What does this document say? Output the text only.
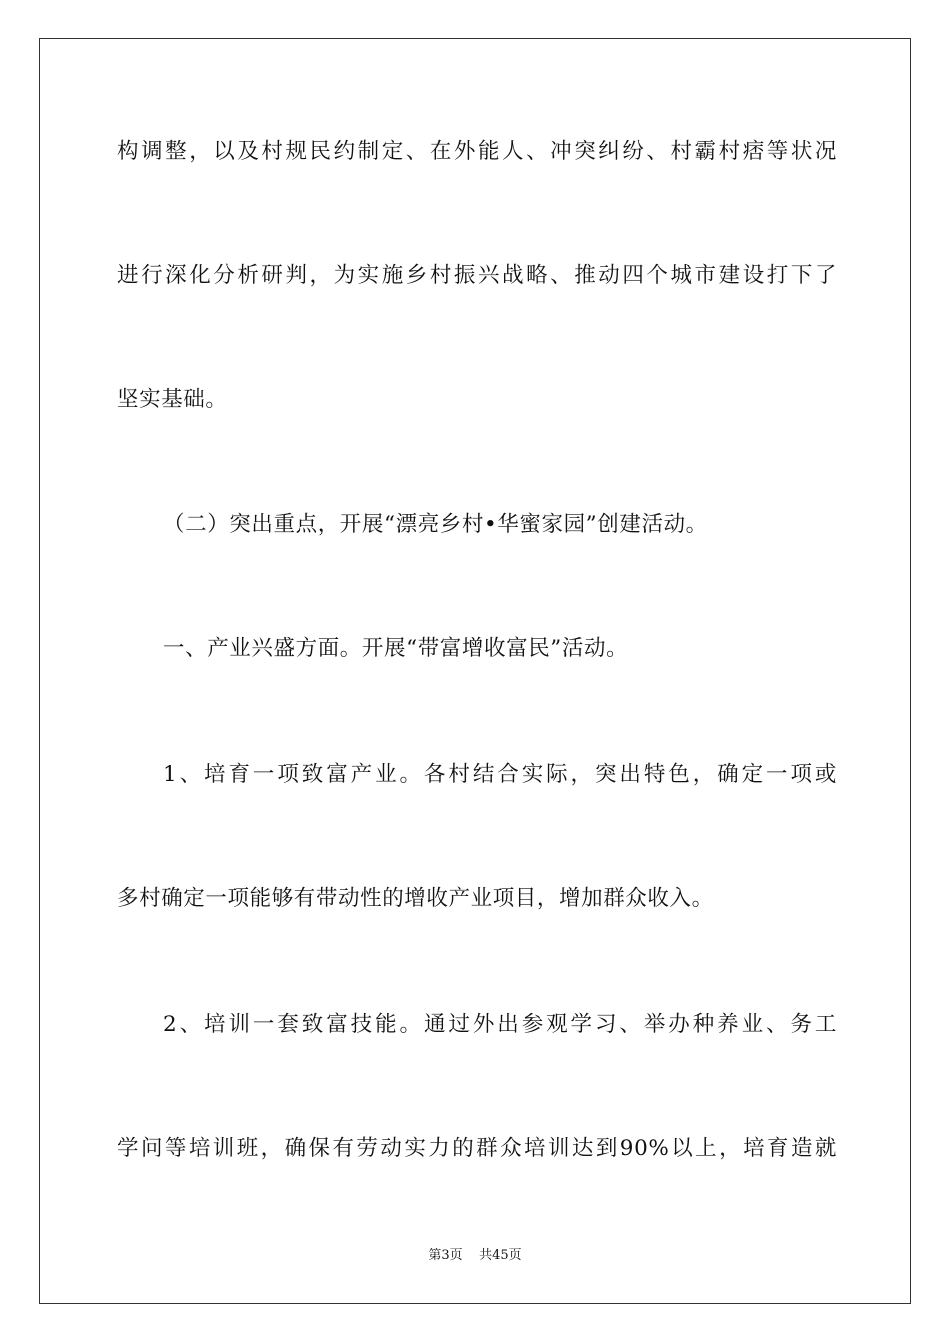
构调整，以及村规民约制定、在外能人、冲突纠纷、村霸村痞等状况
进行深化分析研判，为实施乡村振兴战略、推动四个城市建设打下了
坚实基础。
（二）突出重点，开展“漂亮乡村•华蜜家园”创建活动。
一、产业兴盛方面。开展“带富增收富民”活动。
1、培育一项致富产业。各村结合实际，突出特色，确定一项或
多村确定一项能够有带动性的增收产业项目，增加群众收入。
2、培训一套致富技能。通过外出参观学习、举办种养业、务工
学问等培训班，确保有劳动实力的群众培训达到90%以上，培育造就
第3页    共45页
